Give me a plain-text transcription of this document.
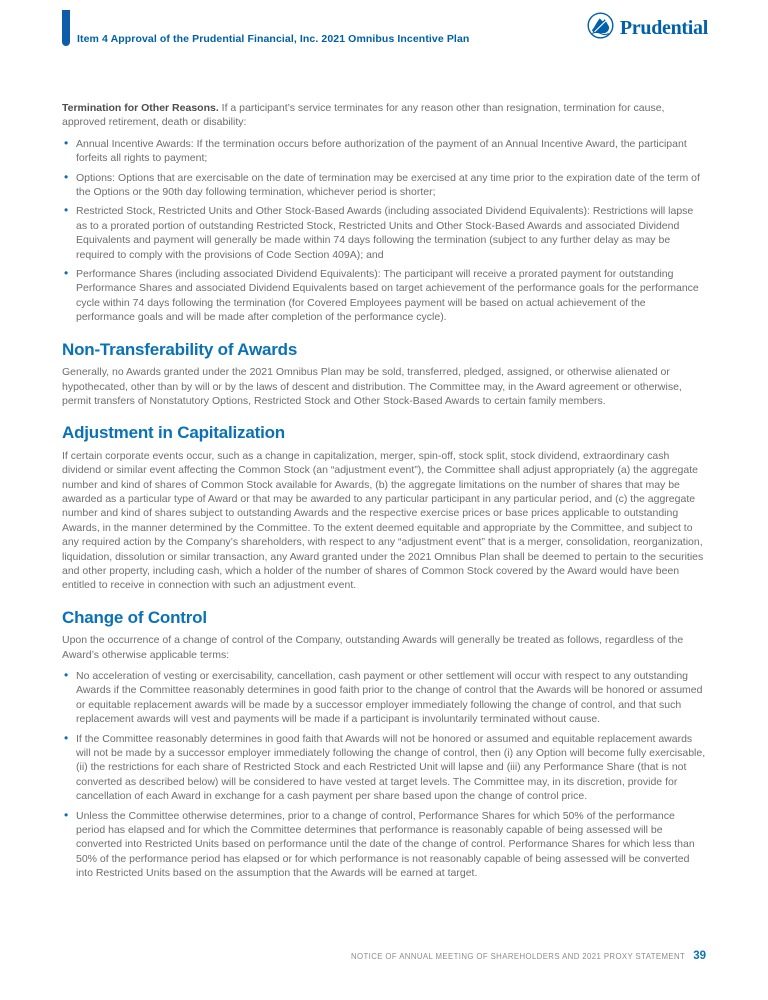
Item 4 Approval of the Prudential Financial, Inc. 2021 Omnibus Incentive Plan
Prudential

Termination for Other Reasons. If a participant’s service terminates for any reason other than resignation, termination for cause, approved retirement, death or disability:

• Annual Incentive Awards: If the termination occurs before authorization of the payment of an Annual Incentive Award, the participant forfeits all rights to payment;
• Options: Options that are exercisable on the date of termination may be exercised at any time prior to the expiration date of the term of the Options or the 90th day following termination, whichever period is shorter;
• Restricted Stock, Restricted Units and Other Stock-Based Awards (including associated Dividend Equivalents): Restrictions will lapse as to a prorated portion of outstanding Restricted Stock, Restricted Units and Other Stock-Based Awards and associated Dividend Equivalents and payment will generally be made within 74 days following the termination (subject to any further delay as may be required to comply with the provisions of Code Section 409A); and
• Performance Shares (including associated Dividend Equivalents): The participant will receive a prorated payment for outstanding Performance Shares and associated Dividend Equivalents based on target achievement of the performance goals for the performance cycle within 74 days following the termination (for Covered Employees payment will be based on actual achievement of the performance goals and will be made after completion of the performance cycle).
Non-Transferability of Awards

Generally, no Awards granted under the 2021 Omnibus Plan may be sold, transferred, pledged, assigned, or otherwise alienated or hypothecated, other than by will or by the laws of descent and distribution. The Committee may, in the Award agreement or otherwise, permit transfers of Nonstatutory Options, Restricted Stock and Other Stock-Based Awards to certain family members.

Adjustment in Capitalization

If certain corporate events occur, such as a change in capitalization, merger, spin-off, stock split, stock dividend, extraordinary cash dividend or similar event affecting the Common Stock (an “adjustment event”), the Committee shall adjust appropriately (a) the aggregate number and kind of shares of Common Stock available for Awards, (b) the aggregate limitations on the number of shares that may be awarded as a particular type of Award or that may be awarded to any particular participant in any particular period, and (c) the aggregate number and kind of shares subject to outstanding Awards and the respective exercise prices or base prices applicable to outstanding Awards, in the manner determined by the Committee. To the extent deemed equitable and appropriate by the Committee, and subject to any required action by the Company’s shareholders, with respect to any “adjustment event” that is a merger, consolidation, reorganization, liquidation, dissolution or similar transaction, any Award granted under the 2021 Omnibus Plan shall be deemed to pertain to the securities and other property, including cash, which a holder of the number of shares of Common Stock covered by the Award would have been entitled to receive in connection with such an adjustment event.

Change of Control

Upon the occurrence of a change of control of the Company, outstanding Awards will generally be treated as follows, regardless of the Award’s otherwise applicable terms:

• No acceleration of vesting or exercisability, cancellation, cash payment or other settlement will occur with respect to any outstanding Awards if the Committee reasonably determines in good faith prior to the change of control that the Awards will be honored or assumed or equitable replacement awards will be made by a successor employer immediately following the change of control, and that such replacement awards will vest and payments will be made if a participant is involuntarily terminated without cause.
• If the Committee reasonably determines in good faith that Awards will not be honored or assumed and equitable replacement awards will not be made by a successor employer immediately following the change of control, then (i) any Option will become fully exercisable, (ii) the restrictions for each share of Restricted Stock and each Restricted Unit will lapse and (iii) any Performance Share (that is not converted as described below) will be considered to have vested at target levels. The Committee may, in its discretion, provide for cancellation of each Award in exchange for a cash payment per share based upon the change of control price.
• Unless the Committee otherwise determines, prior to a change of control, Performance Shares for which 50% of the performance period has elapsed and for which the Committee determines that performance is reasonably capable of being assessed will be converted into Restricted Units based on performance until the date of the change of control. Performance Shares for which less than 50% of the performance period has elapsed or for which performance is not reasonably capable of being assessed will be converted into Restricted Units based on the assumption that the Awards will be earned at target.
NOTICE OF ANNUAL MEETING OF SHAREHOLDERS AND 2021 PROXY STATEMENT 39
